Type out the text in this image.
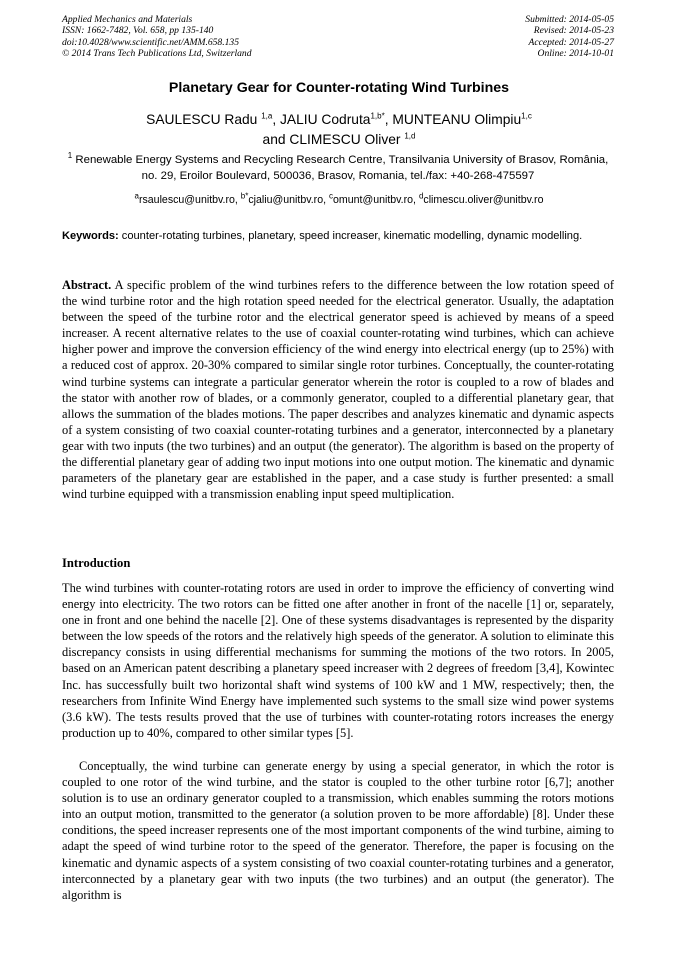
Applied Mechanics and Materials
ISSN: 1662-7482, Vol. 658, pp 135-140
doi:10.4028/www.scientific.net/AMM.658.135
© 2014 Trans Tech Publications Ltd, Switzerland
Submitted: 2014-05-05
Revised: 2014-05-23
Accepted: 2014-05-27
Online: 2014-10-01
Planetary Gear for Counter-rotating Wind Turbines
SAULESCU Radu $^{1,a}$, JALIU Codruta$^{1,b*}$, MUNTEANU Olimpiu$^{1,c}$
and CLIMESCU Oliver $^{1,d}$
$^1$ Renewable Energy Systems and Recycling Research Centre, Transilvania University of Brasov, România, no. 29, Eroilor Boulevard, 500036, Brasov, Romania, tel./fax: +40-268-475597
$^a$rsaulescu@unitbv.ro, $^{b*}$cjaliu@unitbv.ro, $^c$omunt@unitbv.ro, $^d$climescu.oliver@unitbv.ro
Keywords: counter-rotating turbines, planetary, speed increaser, kinematic modelling, dynamic modelling.
Abstract. A specific problem of the wind turbines refers to the difference between the low rotation speed of the wind turbine rotor and the high rotation speed needed for the electrical generator. Usually, the adaptation between the speed of the turbine rotor and the electrical generator speed is achieved by means of a speed increaser. A recent alternative relates to the use of coaxial counter-rotating wind turbines, which can achieve higher power and improve the conversion efficiency of the wind energy into electrical energy (up to 25%) with a reduced cost of approx. 20-30% compared to similar single rotor turbines. Conceptually, the counter-rotating wind turbine systems can integrate a particular generator wherein the rotor is coupled to a row of blades and the stator with another row of blades, or a commonly generator, coupled to a differential planetary gear, that allows the summation of the blades motions. The paper describes and analyzes kinematic and dynamic aspects of a system consisting of two coaxial counter-rotating turbines and a generator, interconnected by a planetary gear with two inputs (the two turbines) and an output (the generator). The algorithm is based on the property of the differential planetary gear of adding two input motions into one output motion. The kinematic and dynamic parameters of the planetary gear are established in the paper, and a case study is further presented: a small wind turbine equipped with a transmission enabling input speed multiplication.
Introduction
The wind turbines with counter-rotating rotors are used in order to improve the efficiency of converting wind energy into electricity. The two rotors can be fitted one after another in front of the nacelle [1] or, separately, one in front and one behind the nacelle [2]. One of these systems disadvantages is represented by the disparity between the low speeds of the rotors and the relatively high speeds of the generator. A solution to eliminate this discrepancy consists in using differential mechanisms for summing the motions of the two rotors. In 2005, based on an American patent describing a planetary speed increaser with 2 degrees of freedom [3,4], Kowintec Inc. has successfully built two horizontal shaft wind systems of 100 kW and 1 MW, respectively; then, the researchers from Infinite Wind Energy have implemented such systems to the small size wind power systems (3.6 kW). The tests results proved that the use of turbines with counter-rotating rotors increases the energy production up to 40%, compared to other similar types [5].
Conceptually, the wind turbine can generate energy by using a special generator, in which the rotor is coupled to one rotor of the wind turbine, and the stator is coupled to the other turbine rotor [6,7]; another solution is to use an ordinary generator coupled to a transmission, which enables summing the rotors motions into an output motion, transmitted to the generator (a solution proven to be more affordable) [8]. Under these conditions, the speed increaser represents one of the most important components of the wind turbine, aiming to adapt the speed of wind turbine rotor to the speed of the generator. Therefore, the paper is focusing on the kinematic and dynamic aspects of a system consisting of two coaxial counter-rotating turbines and a generator, interconnected by a planetary gear with two inputs (the two turbines) and an output (the generator). The algorithm is
